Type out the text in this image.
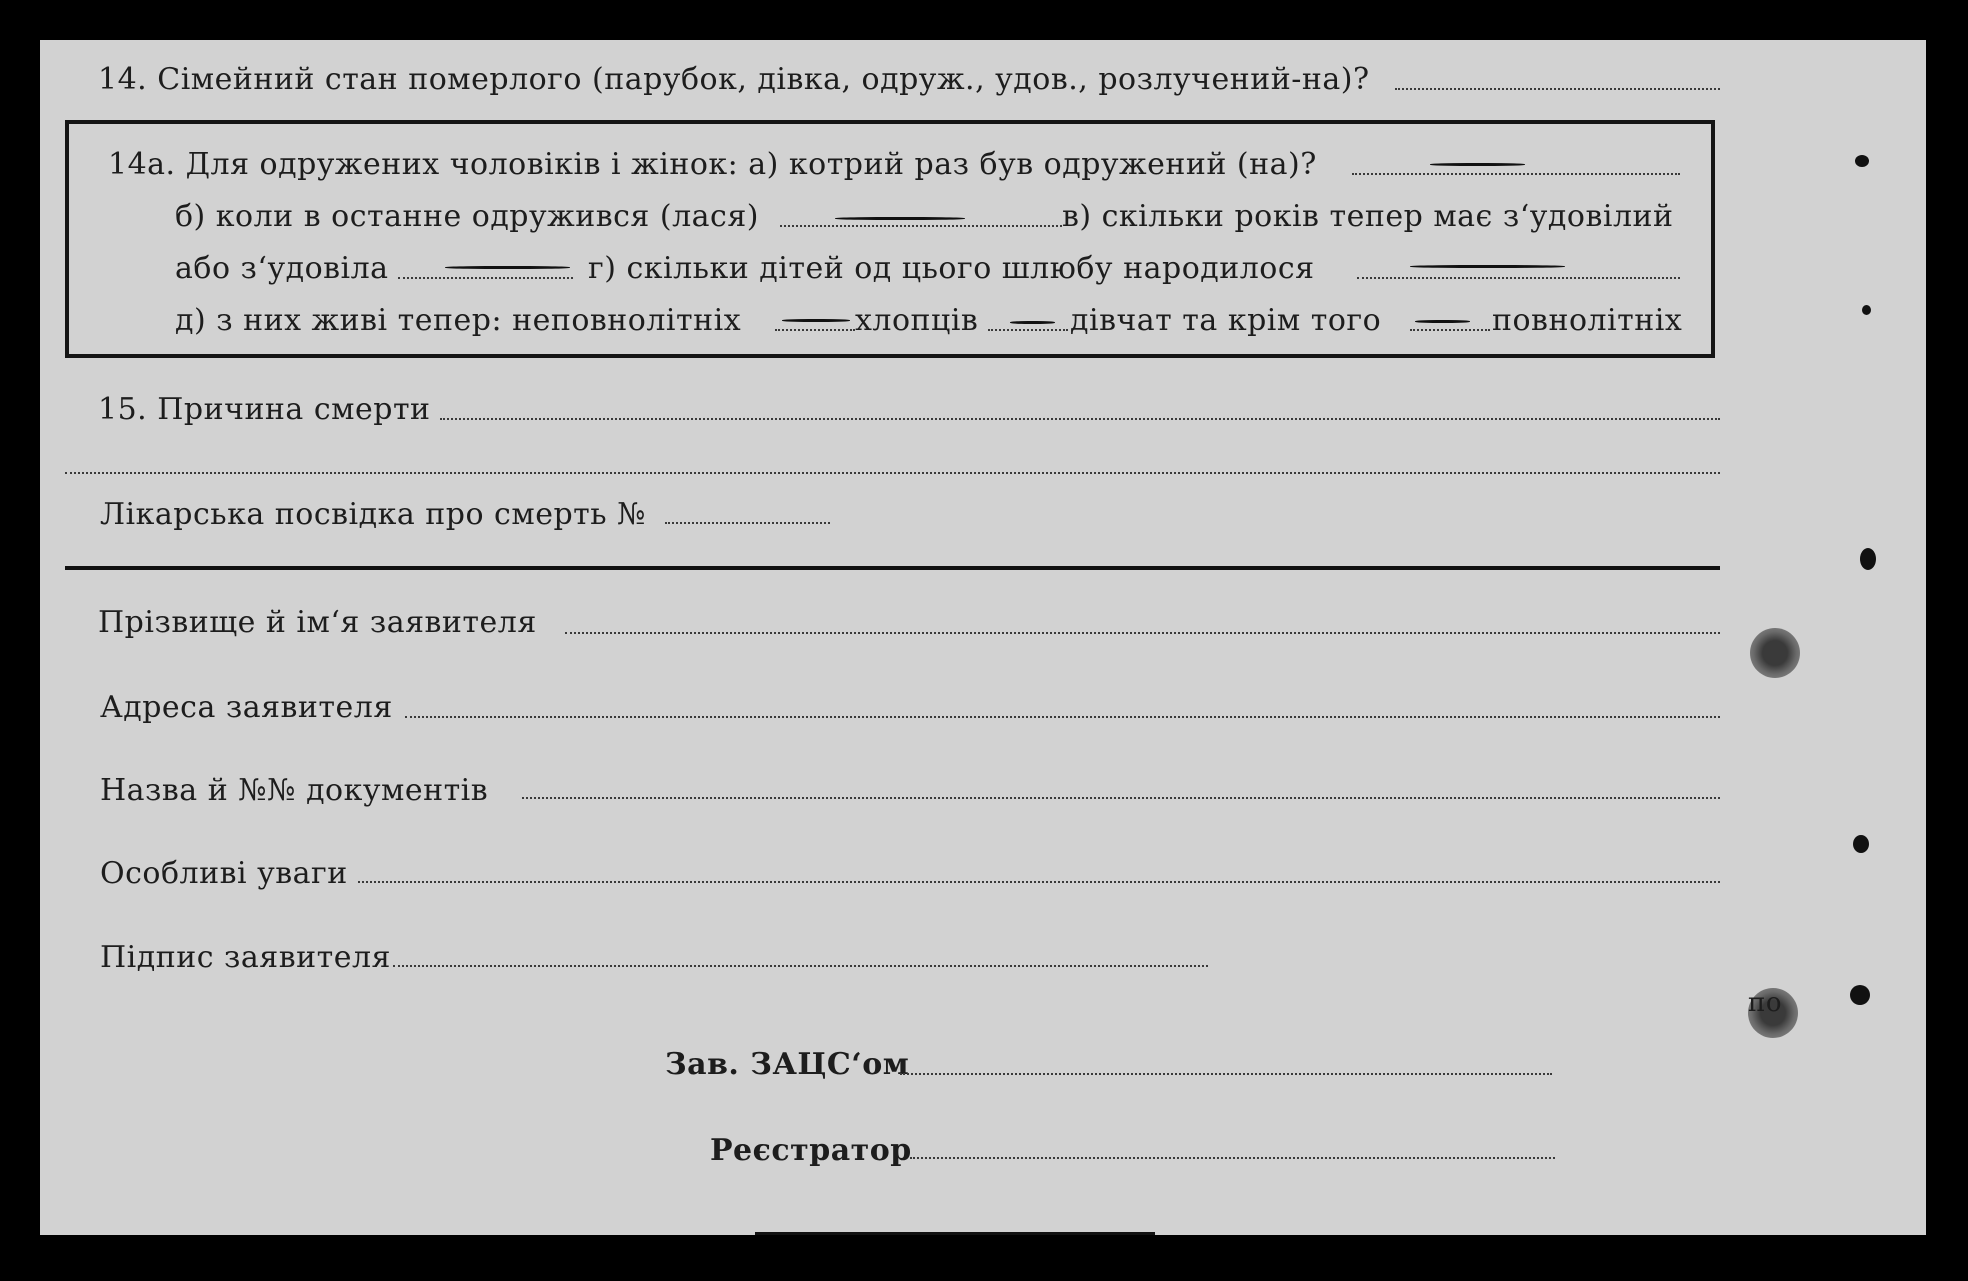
14. Сімейний стан померлого (парубок, дівка, одруж., удов., розлучений-на)?
14а. Для одружених чоловіків і жінок: а) котрий раз був одружений (на)?
б) коли в останне одружився (лася)	в) скільки років тепер має з‘удовілий
або з‘удовіла	г) скільки дітей од цього шлюбу народилося
д) з них живі тепер: неповнолітніх	хлопців	дівчат та крім того	повнолітніх
15. Причина смерти
Лікарська посвідка про смерть №
Прізвище й ім‘я заявителя
Адреса заявителя
Назва й №№ документів
Особливі уваги
Підпис заявителя
Зав. ЗАЦС‘ом
Реєстратор
по
